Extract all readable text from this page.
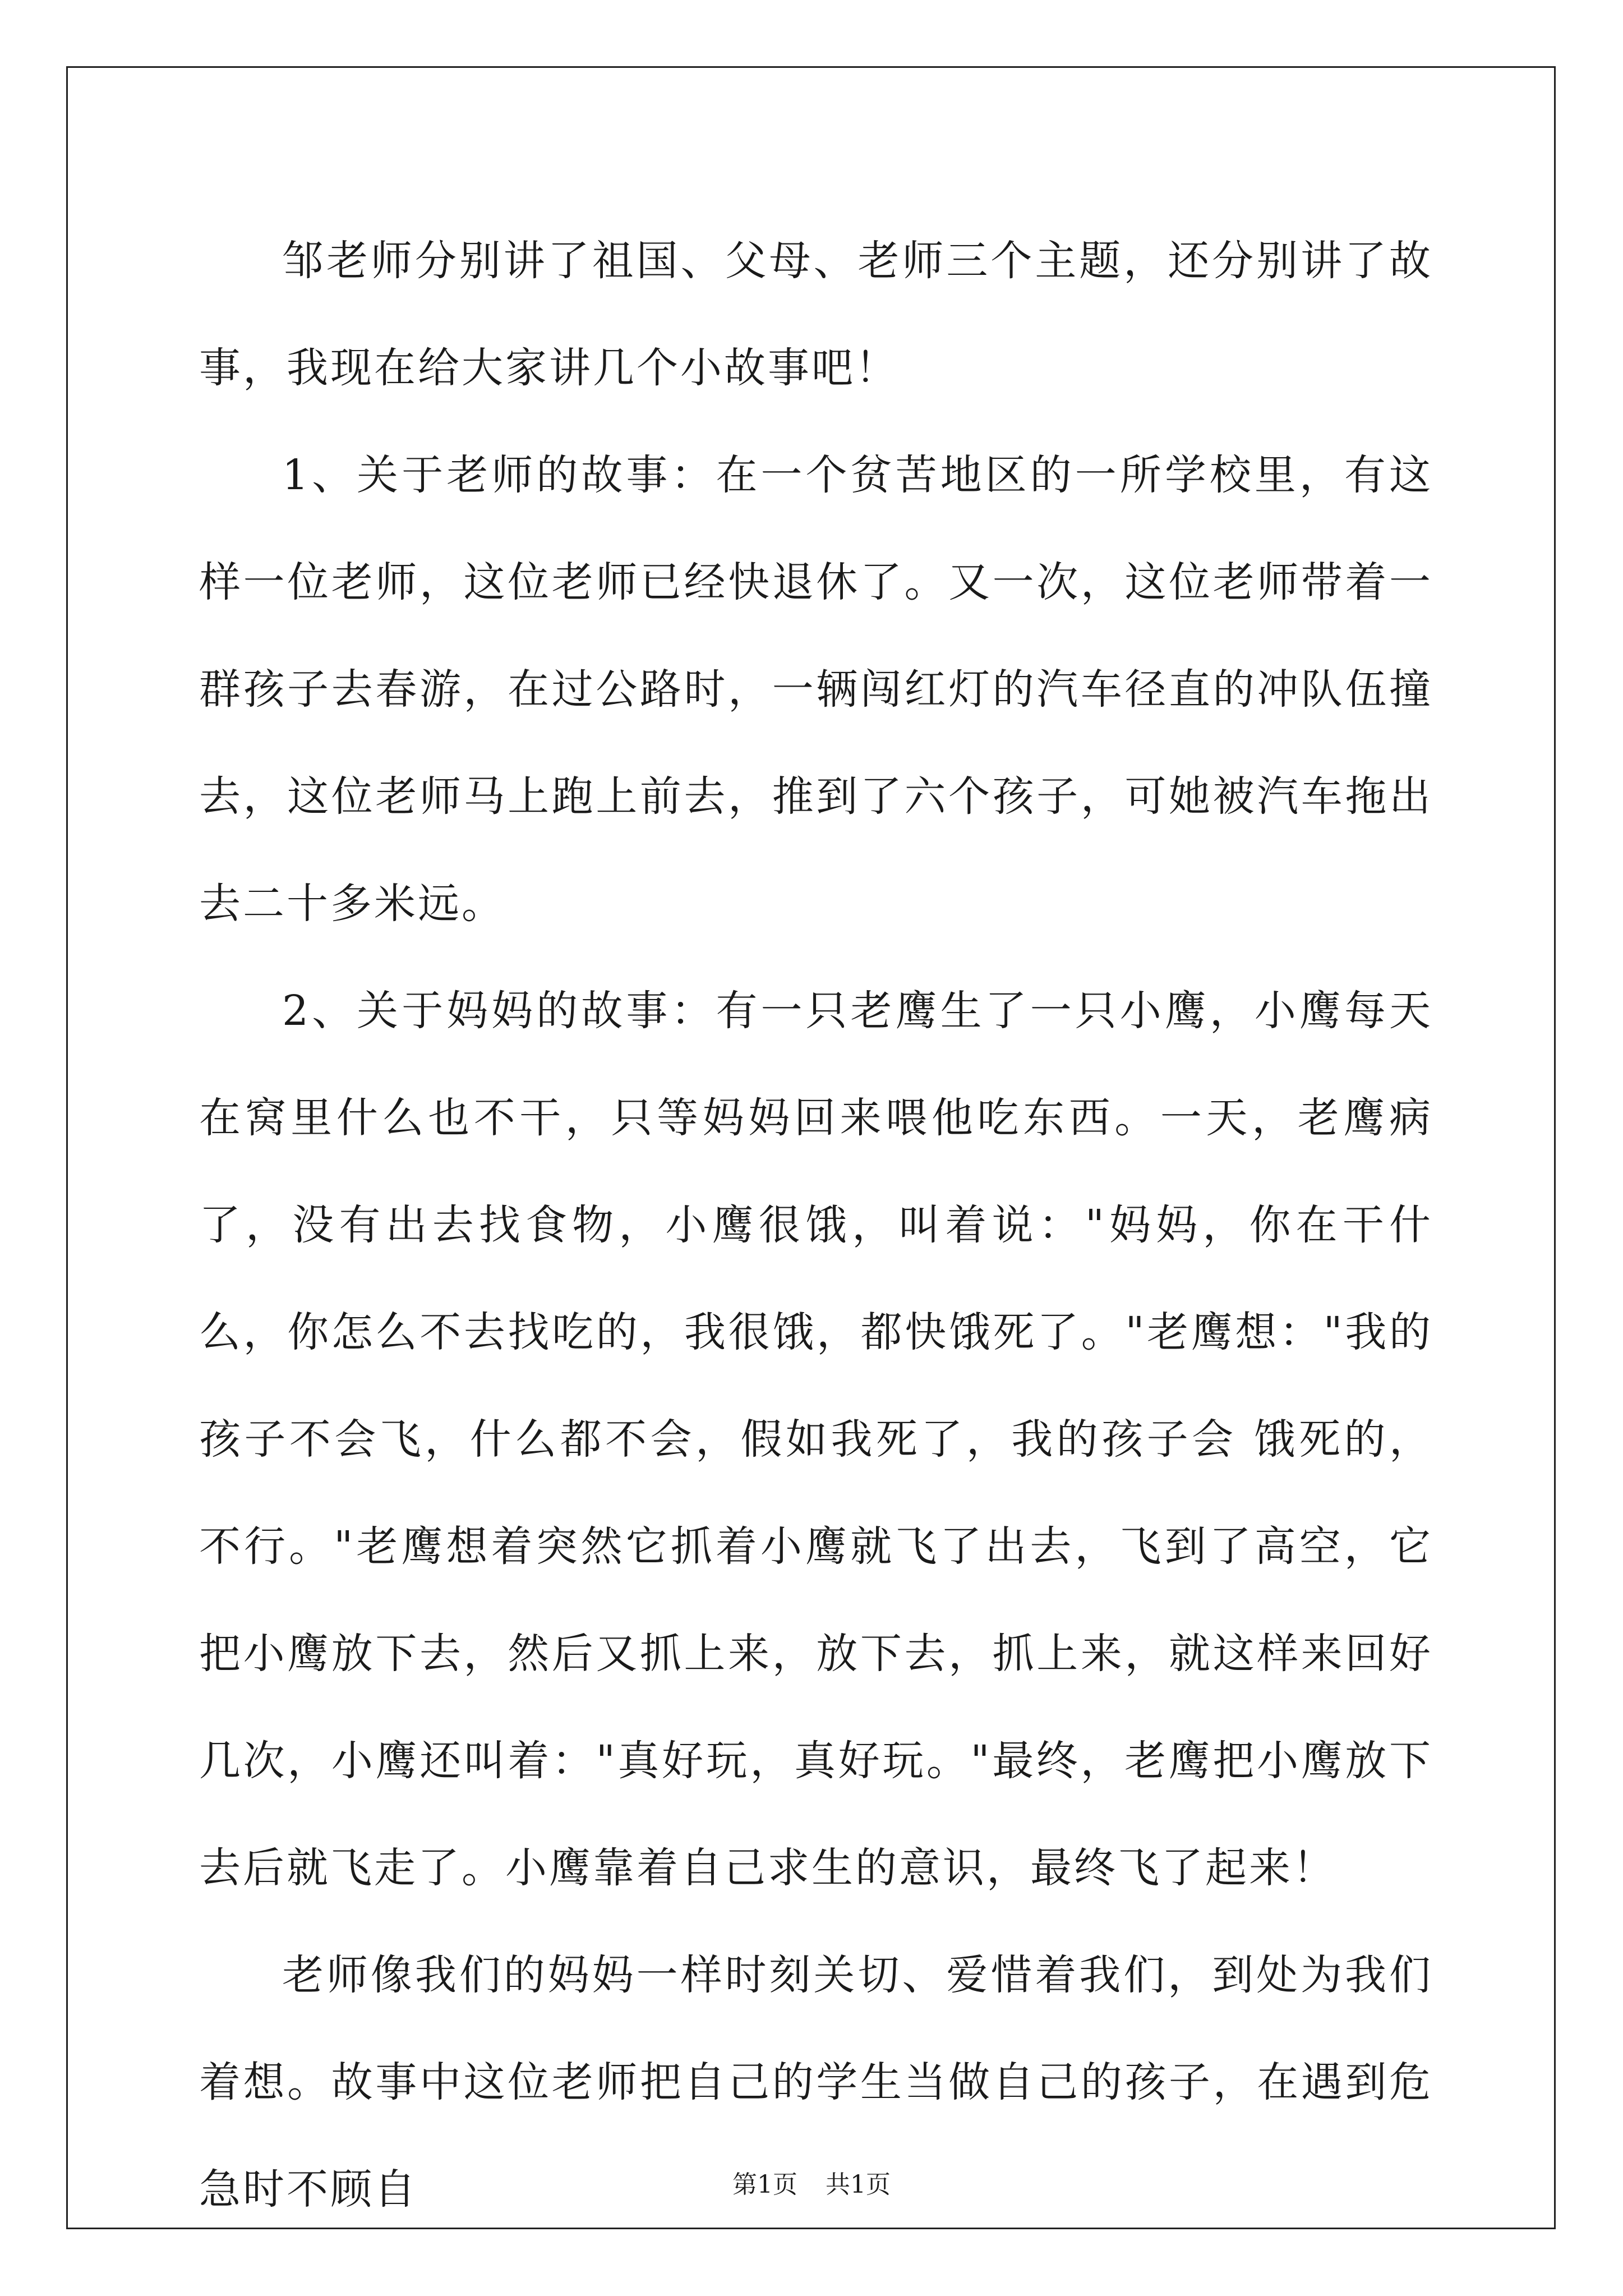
邹老师分别讲了祖国、父母、老师三个主题，还分别讲了故事，我现在给大家讲几个小故事吧！

1、关于老师的故事：在一个贫苦地区的一所学校里，有这样一位老师，这位老师已经快退休了。又一次，这位老师带着一群孩子去春游，在过公路时，一辆闯红灯的汽车径直的冲队伍撞去，这位老师马上跑上前去，推到了六个孩子，可她被汽车拖出去二十多米远。

2、关于妈妈的故事：有一只老鹰生了一只小鹰，小鹰每天在窝里什么也不干，只等妈妈回来喂他吃东西。一天，老鹰病了，没有出去找食物，小鹰很饿，叫着说："妈妈，你在干什么，你怎么不去找吃的，我很饿，都快饿死了。"老鹰想："我的孩子不会飞，什么都不会，假如我死了，我的孩子会 饿死的，不行。"老鹰想着突然它抓着小鹰就飞了出去，飞到了高空，它把小鹰放下去，然后又抓上来，放下去，抓上来，就这样来回好几次，小鹰还叫着："真好玩，真好玩。"最终，老鹰把小鹰放下去后就飞走了。小鹰靠着自己求生的意识，最终飞了起来！

老师像我们的妈妈一样时刻关切、爱惜着我们，到处为我们着想。故事中这位老师把自己的学生当做自己的孩子，在遇到危急时不顾自	第1页 共1页
